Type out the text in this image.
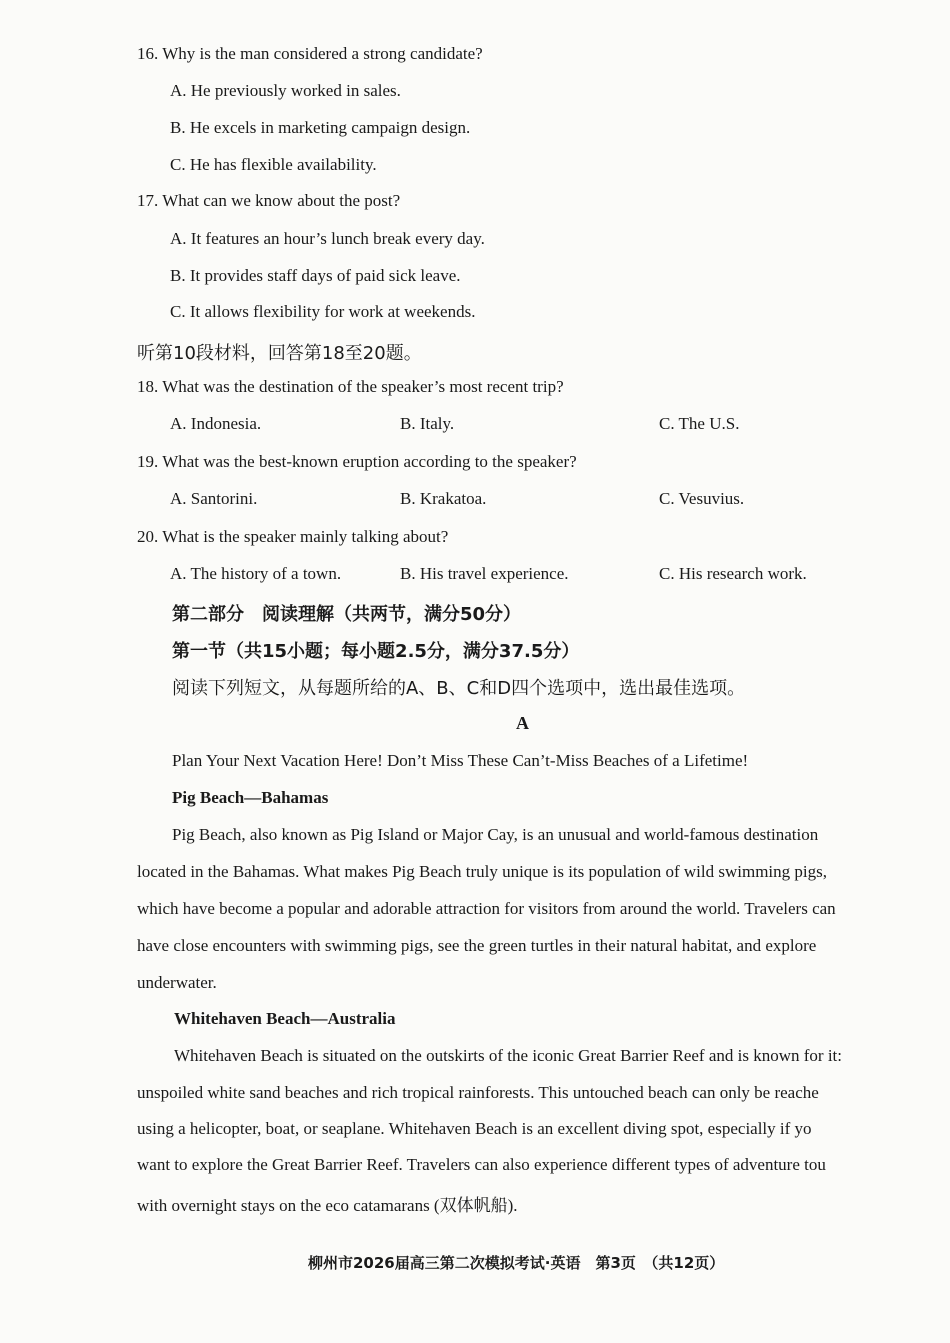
16. Why is the man considered a strong candidate?
A. He previously worked in sales.
B. He excels in marketing campaign design.
C. He has flexible availability.
17. What can we know about the post?
A. It features an hour’s lunch break every day.
B. It provides staff days of paid sick leave.
C. It allows flexibility for work at weekends.
听第10段材料，回答第18至20题。
18. What was the destination of the speaker’s most recent trip?
A. Indonesia.	B. Italy.	C. The U.S.
19. What was the best-known eruption according to the speaker?
A. Santorini.	B. Krakatoa.	C. Vesuvius.
20. What is the speaker mainly talking about?
A. The history of a town.	B. His travel experience.	C. His research work.
第二部分　阅读理解（共两节，满分50分）
第一节（共15小题；每小题2.5分，满分37.5分）
阅读下列短文，从每题所给的A、B、C和D四个选项中，选出最佳选项。
A
Plan Your Next Vacation Here! Don’t Miss These Can’t-Miss Beaches of a Lifetime!
Pig Beach—Bahamas
Pig Beach, also known as Pig Island or Major Cay, is an unusual and world-famous destination
located in the Bahamas. What makes Pig Beach truly unique is its population of wild swimming pigs,
which have become a popular and adorable attraction for visitors from around the world. Travelers can
have close encounters with swimming pigs, see the green turtles in their natural habitat, and explore
underwater.
Whitehaven Beach—Australia
Whitehaven Beach is situated on the outskirts of the iconic Great Barrier Reef and is known for it:
unspoiled white sand beaches and rich tropical rainforests. This untouched beach can only be reache
using a helicopter, boat, or seaplane. Whitehaven Beach is an excellent diving spot, especially if yo
want to explore the Great Barrier Reef. Travelers can also experience different types of adventure tou
with overnight stays on the eco catamarans (双体帆船).
柳州市2026届高三第二次模拟考试·英语　第3页　（共12页）
